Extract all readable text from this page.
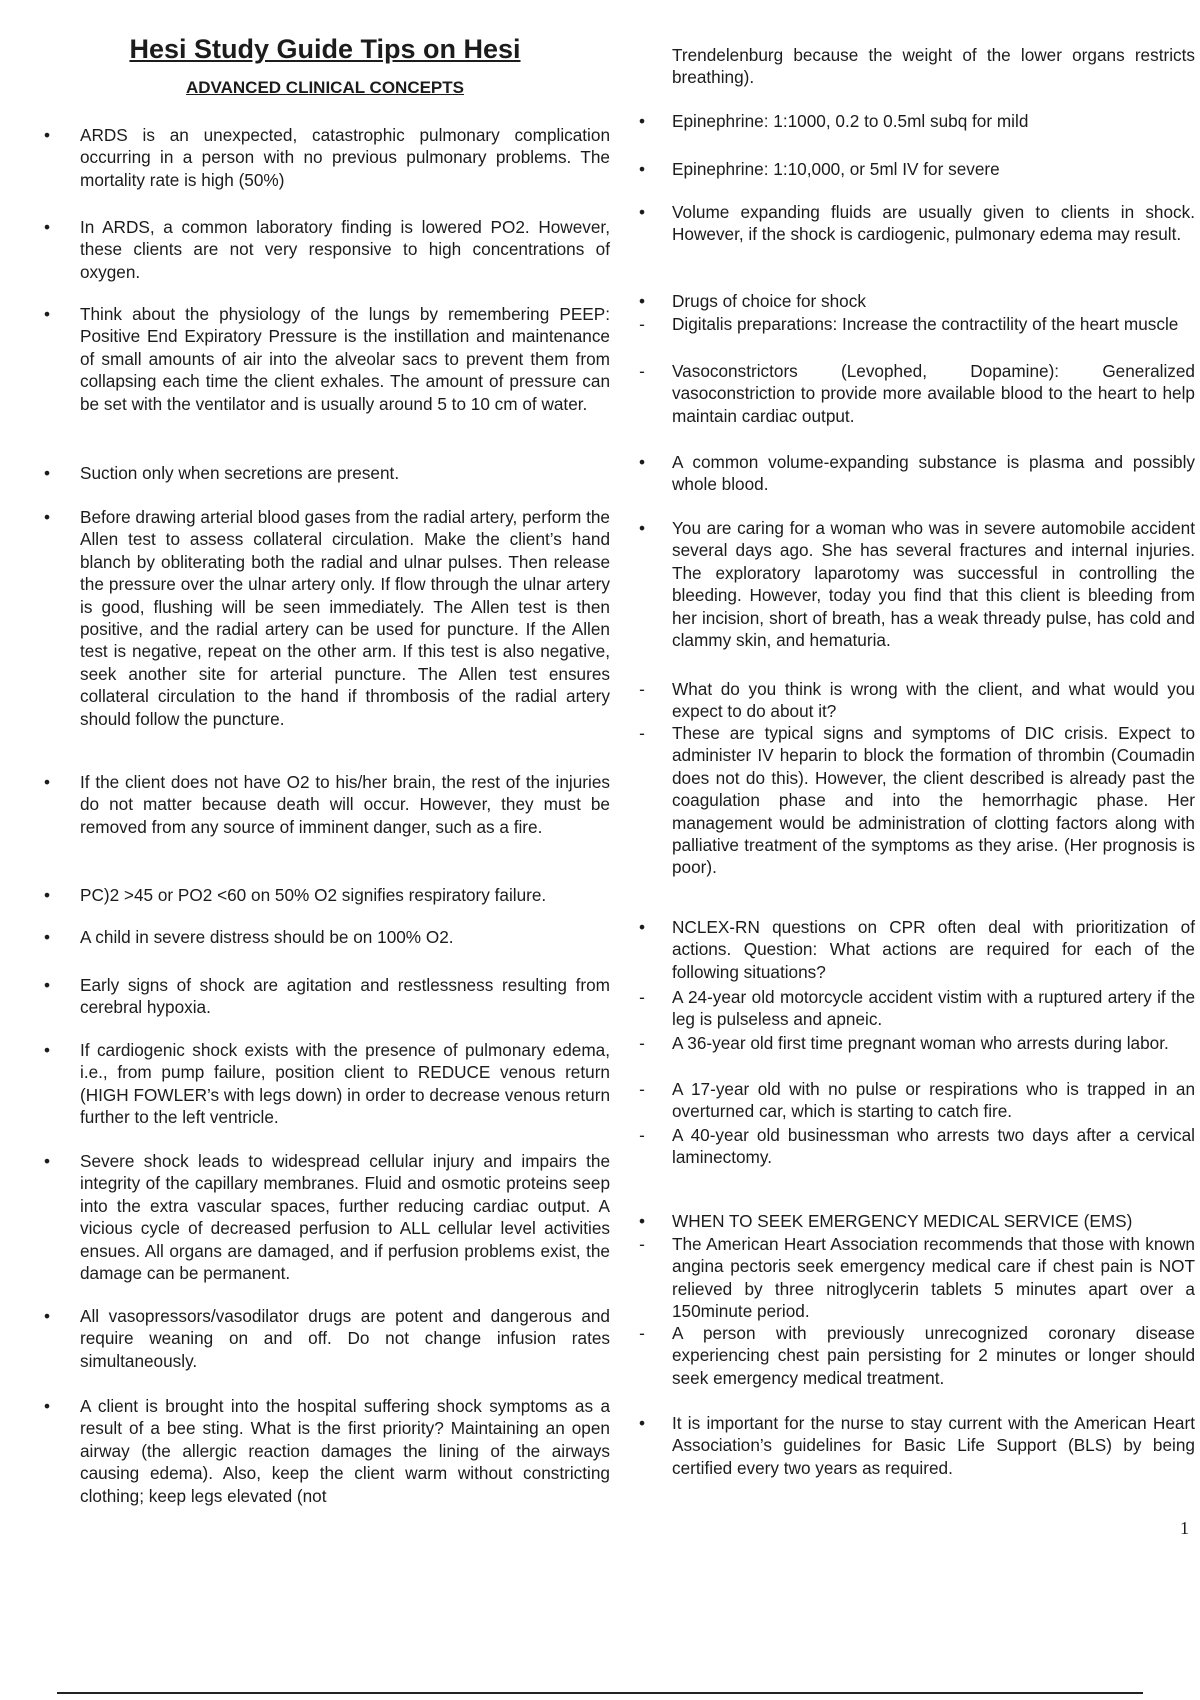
Hesi Study Guide Tips on Hesi
ADVANCED CLINICAL CONCEPTS
• ARDS is an unexpected, catastrophic pulmonary complication occurring in a person with no previous pulmonary problems. The mortality rate is high (50%)
• In ARDS, a common laboratory finding is lowered PO2. However, these clients are not very responsive to high concentrations of oxygen.
• Think about the physiology of the lungs by remembering PEEP: Positive End Expiratory Pressure is the instillation and maintenance of small amounts of air into the alveolar sacs to prevent them from collapsing each time the client exhales. The amount of pressure can be set with the ventilator and is usually around 5 to 10 cm of water.
• Suction only when secretions are present.
• Before drawing arterial blood gases from the radial artery, perform the Allen test to assess collateral circulation. Make the client’s hand blanch by obliterating both the radial and ulnar pulses. Then release the pressure over the ulnar artery only. If flow through the ulnar artery is good, flushing will be seen immediately. The Allen test is then positive, and the radial artery can be used for puncture. If the Allen test is negative, repeat on the other arm. If this test is also negative, seek another site for arterial puncture. The Allen test ensures collateral circulation to the hand if thrombosis of the radial artery should follow the puncture.
• If the client does not have O2 to his/her brain, the rest of the injuries do not matter because death will occur. However, they must be removed from any source of imminent danger, such as a fire.
• PC)2 >45 or PO2 <60 on 50% O2 signifies respiratory failure.
• A child in severe distress should be on 100% O2.
• Early signs of shock are agitation and restlessness resulting from cerebral hypoxia.
• If cardiogenic shock exists with the presence of pulmonary edema, i.e., from pump failure, position client to REDUCE venous return (HIGH FOWLER’s with legs down) in order to decrease venous return further to the left ventricle.
• Severe shock leads to widespread cellular injury and impairs the integrity of the capillary membranes. Fluid and osmotic proteins seep into the extra vascular spaces, further reducing cardiac output. A vicious cycle of decreased perfusion to ALL cellular level activities ensues. All organs are damaged, and if perfusion problems exist, the damage can be permanent.
• All vasopressors/vasodilator drugs are potent and dangerous and require weaning on and off. Do not change infusion rates simultaneously.
• A client is brought into the hospital suffering shock symptoms as a result of a bee sting. What is the first priority? Maintaining an open airway (the allergic reaction damages the lining of the airways causing edema). Also, keep the client warm without constricting clothing; keep legs elevated (not
Trendelenburg because the weight of the lower organs restricts breathing).
• Epinephrine: 1:1000, 0.2 to 0.5ml subq for mild
• Epinephrine: 1:10,000, or 5ml IV for severe
• Volume expanding fluids are usually given to clients in shock. However, if the shock is cardiogenic, pulmonary edema may result.
• Drugs of choice for shock
- Digitalis preparations: Increase the contractility of the heart muscle
- Vasoconstrictors (Levophed, Dopamine): Generalized vasoconstriction to provide more available blood to the heart to help maintain cardiac output.
• A common volume-expanding substance is plasma and possibly whole blood.
• You are caring for a woman who was in severe automobile accident several days ago. She has several fractures and internal injuries. The exploratory laparotomy was successful in controlling the bleeding. However, today you find that this client is bleeding from her incision, short of breath, has a weak thready pulse, has cold and clammy skin, and hematuria.
- What do you think is wrong with the client, and what would you expect to do about it?
- These are typical signs and symptoms of DIC crisis. Expect to administer IV heparin to block the formation of thrombin (Coumadin does not do this). However, the client described is already past the coagulation phase and into the hemorrhagic phase. Her management would be administration of clotting factors along with palliative treatment of the symptoms as they arise. (Her prognosis is poor).
• NCLEX-RN questions on CPR often deal with prioritization of actions. Question: What actions are required for each of the following situations?
- A 24-year old motorcycle accident vistim with a ruptured artery if the leg is pulseless and apneic.
- A 36-year old first time pregnant woman who arrests during labor.
- A 17-year old with no pulse or respirations who is trapped in an overturned car, which is starting to catch fire.
- A 40-year old businessman who arrests two days after a cervical laminectomy.
• WHEN TO SEEK EMERGENCY MEDICAL SERVICE (EMS)
- The American Heart Association recommends that those with known angina pectoris seek emergency medical care if chest pain is NOT relieved by three nitroglycerin tablets 5 minutes apart over a 150minute period.
- A person with previously unrecognized coronary disease experiencing chest pain persisting for 2 minutes or longer should seek emergency medical treatment.
• It is important for the nurse to stay current with the American Heart Association’s guidelines for Basic Life Support (BLS) by being certified every two years as required.
1
